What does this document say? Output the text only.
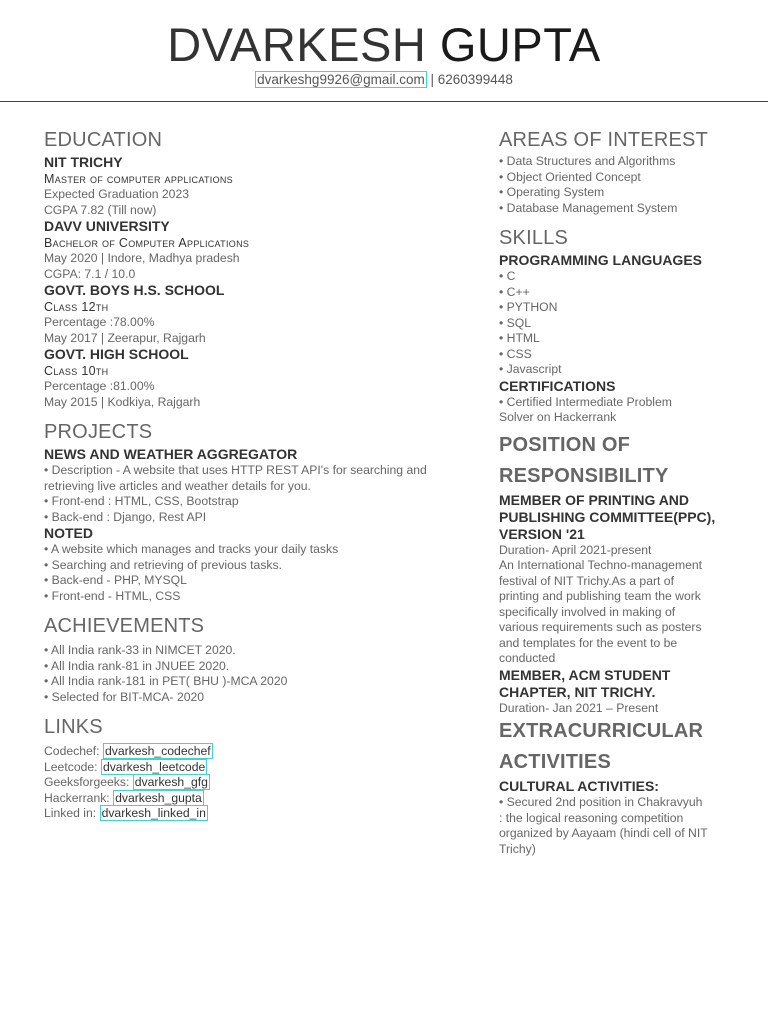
DVARKESH GUPTA
dvarkeshg9926@gmail.com | 6260399448
EDUCATION

NIT TRICHY

Master of computer applications

Expected Graduation 2023

CGPA 7.82 (Till now)

DAVV UNIVERSITY

Bachelor of Computer Applications

May 2020 | Indore, Madhya pradesh

CGPA: 7.1 / 10.0

GOVT. BOYS H.S. SCHOOL

Class 12th

Percentage :78.00%

May 2017 | Zeerapur, Rajgarh

GOVT. HIGH SCHOOL

Class 10th

Percentage :81.00%

May 2015 | Kodkiya, Rajgarh

PROJECTS

NEWS AND WEATHER AGGREGATOR

• Description - A website that uses HTTP REST API's for searching and

retrieving live articles and weather details for you.

• Front-end : HTML, CSS, Bootstrap

• Back-end : Django, Rest API

NOTED

• A website which manages and tracks your daily tasks

• Searching and retrieving of previous tasks.

• Back-end - PHP, MYSQL

• Front-end - HTML, CSS

ACHIEVEMENTS

• All India rank-33 in NIMCET 2020.

• All India rank-81 in JNUEE 2020.

• All India rank-181 in PET( BHU )-MCA 2020

• Selected for BIT-MCA- 2020

LINKS

Codechef: dvarkesh_codechef

Leetcode: dvarkesh_leetcode

Geeksforgeeks: dvarkesh_gfg

Hackerrank: dvarkesh_gupta

Linked in: dvarkesh_linked_in

AREAS OF INTEREST
• Data Structures and Algorithms
• Object Oriented Concept
• Operating System
• Database Management System
SKILLS

PROGRAMMING LANGUAGES

• C
• C++
• PYTHON
• SQL
• HTML
• CSS
• Javascript

CERTIFICATIONS

• Certified Intermediate Problem

Solver on Hackerrank

POSITION OF
RESPONSIBILITY

MEMBER OF PRINTING AND
PUBLISHING COMMITTEE(PPC),
VERSION '21

Duration- April 2021-present

An International Techno-management

festival of NIT Trichy.As a part of

printing and publishing team the work

specifically involved in making of

various requirements such as posters

and templates for the event to be

conducted

MEMBER, ACM STUDENT
CHAPTER, NIT TRICHY.

Duration- Jan 2021 – Present

EXTRACURRICULAR
ACTIVITIES

CULTURAL ACTIVITIES:

• Secured 2nd position in Chakravyuh

: the logical reasoning competition

organized by Aayaam (hindi cell of NIT

Trichy)
